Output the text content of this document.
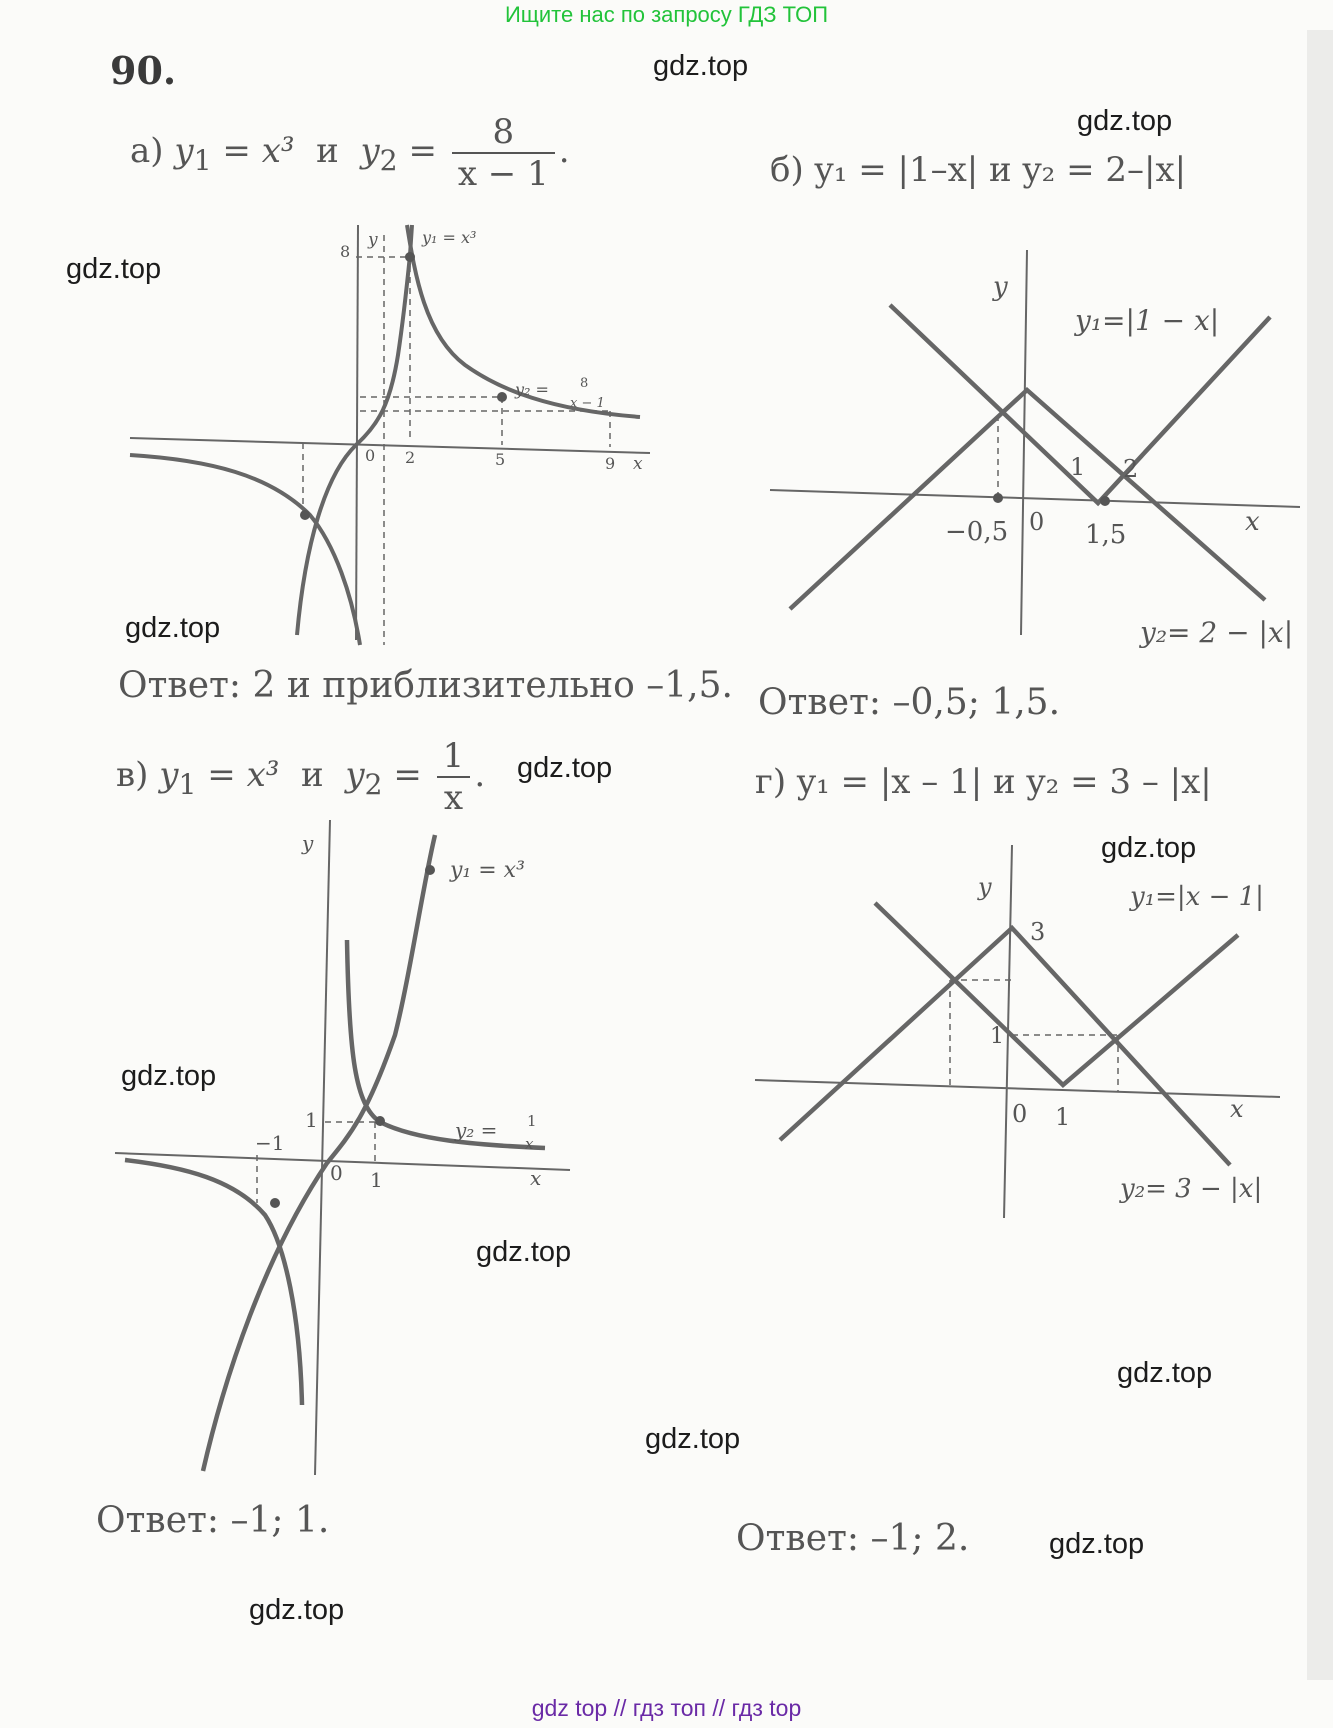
Ищите нас по запросу ГДЗ ТОП
90.	gdz.top
gdz.top
gdz.top
gdz.top
gdz.top
gdz.top
gdz.top
gdz.top
gdz.top
gdz.top
gdz.top
gdz.top
а) $y_1 = x^3$ и $y_2 = \frac{8}{x - 1}$ .	б) y₁ = |1–x| и y₂ = 2–|x|
в) $y_1 = x^3$ и $y_2 = \frac{1}{x}$ .	г) y₁ = |x – 1| и y₂ = 3 – |x|
Ответ: 2 и приблизительно –1,5. Ответ: –0,5; 1,5.
Ответ: –1; 1.	Ответ: –1; 2.
y
8
y₁ = x³
y₂ = 8
x − 1
0 2	5	9 x
y
y₁=|1 − x|
1 2
−0,5 0 1,5	x
y₂= 2 − |x|
y
y₁ = x³
1	y₂ = 1
x
−1
0 1	x
y
3
1
0 1	x
y₁=|x − 1|
y₂= 3 − |x|
gdz top // гдз топ // гдз top
